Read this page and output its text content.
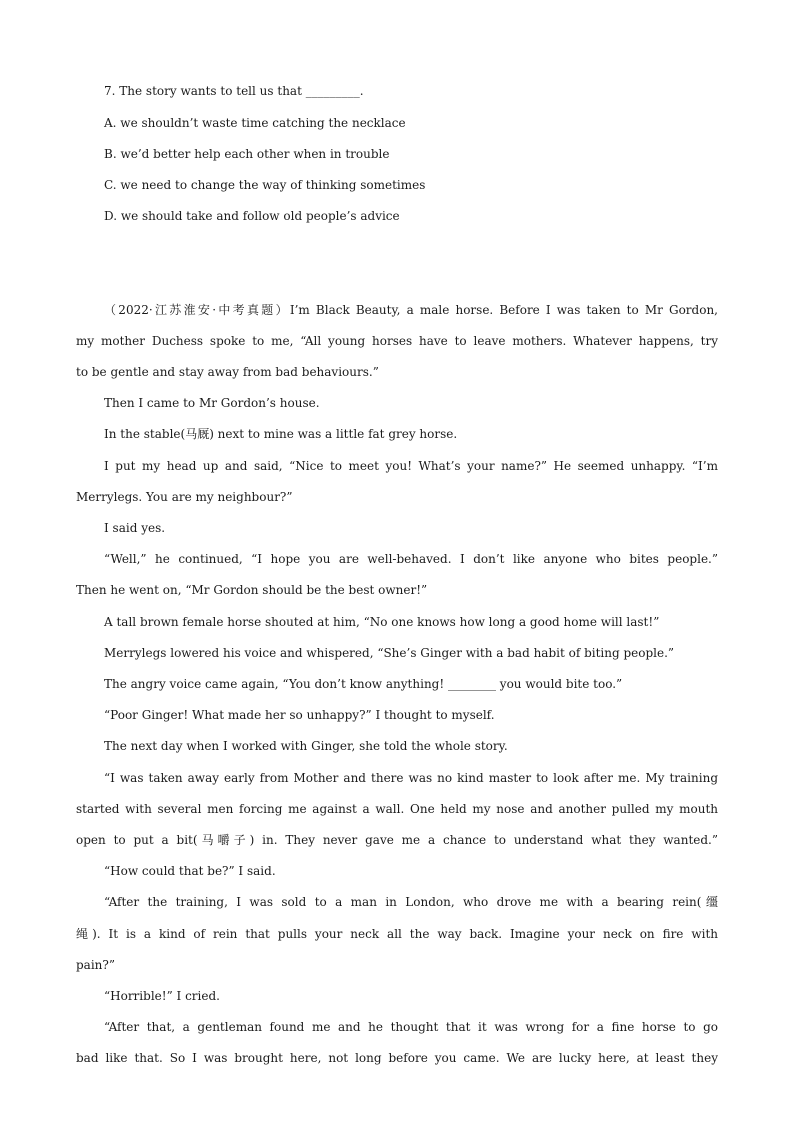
7. The story wants to tell us that _________.
A. we shouldn’t waste time catching the necklace
B. we’d better help each other when in trouble
C. we need to change the way of thinking sometimes
D. we should take and follow old people’s advice
（2022·江苏淮安·中考真题）I’m Black Beauty, a male horse. Before I was taken to Mr Gordon,
my mother Duchess spoke to me, “All young horses have to leave mothers. Whatever happens, try
to be gentle and stay away from bad behaviours.”
Then I came to Mr Gordon’s house.
In the stable(马厩) next to mine was a little fat grey horse.
I put my head up and said, “Nice to meet you! What’s your name?” He seemed unhappy. “I’m
Merrylegs. You are my neighbour?”
I said yes.
“Well,” he continued, “I hope you are well-behaved. I don’t like anyone who bites people.”
Then he went on, “Mr Gordon should be the best owner!”
A tall brown female horse shouted at him, “No one knows how long a good home will last!”
Merrylegs lowered his voice and whispered, “She’s Ginger with a bad habit of biting people.”
The angry voice came again, “You don’t know anything! ________ you would bite too.”
“Poor Ginger! What made her so unhappy?” I thought to myself.
The next day when I worked with Ginger, she told the whole story.
“I was taken away early from Mother and there was no kind master to look after me. My training
started with several men forcing me against a wall. One held my nose and another pulled my mouth
open to put a bit(马嚼子) in. They never gave me a chance to understand what they wanted.”
“How could that be?” I said.
“After the training, I was sold to a man in London, who drove me with a bearing rein(缰
绳). It is a kind of rein that pulls your neck all the way back. Imagine your neck on fire with
pain?”
“Horrible!” I cried.
“After that, a gentleman found me and he thought that it was wrong for a fine horse to go
bad like that. So I was brought here, not long before you came. We are lucky here, at least they
